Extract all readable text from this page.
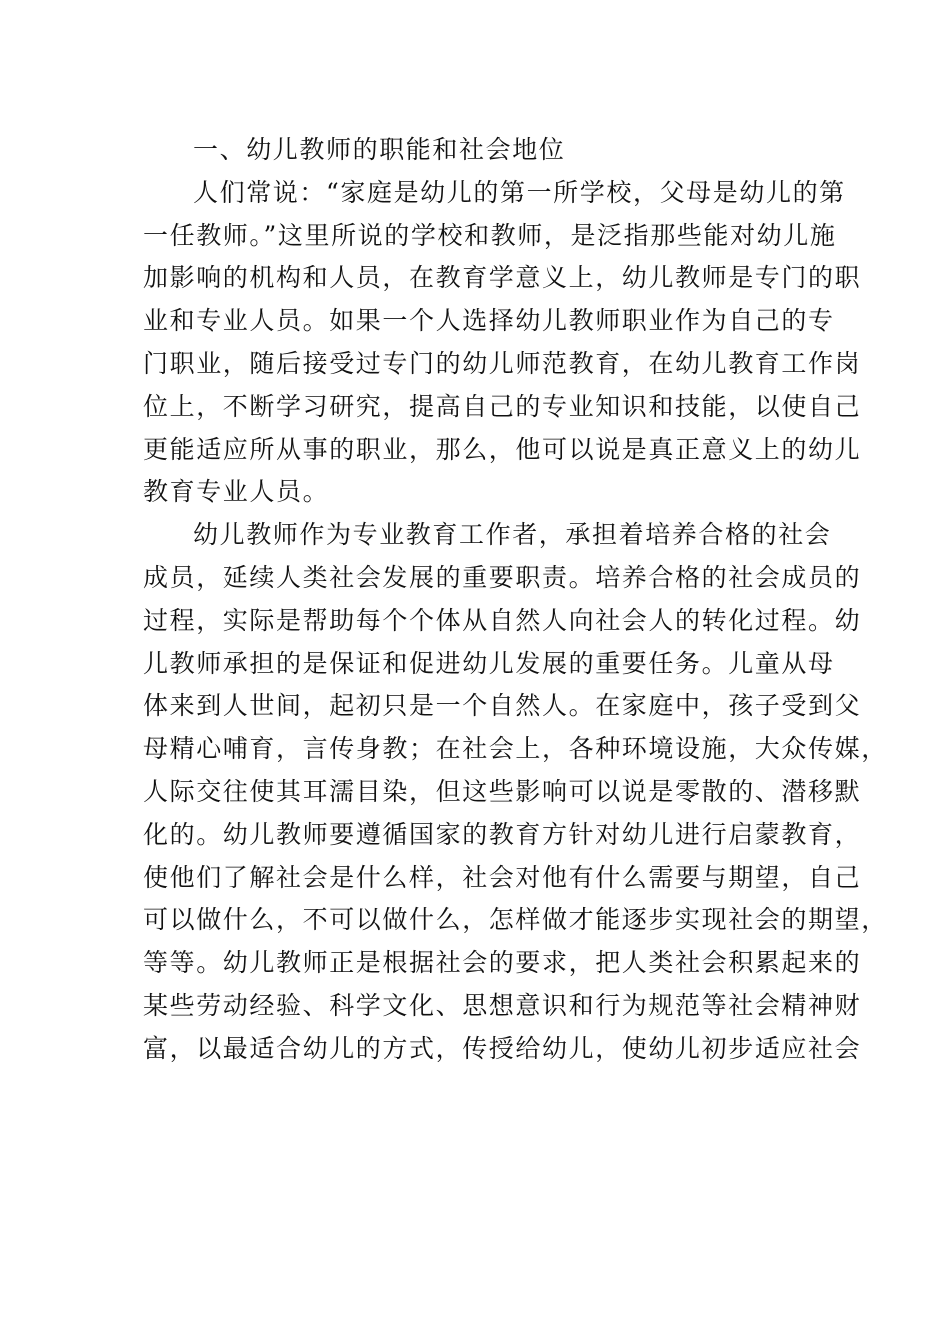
一、幼儿教师的职能和社会地位
人们常说：“家庭是幼儿的第一所学校，父母是幼儿的第
一任教师。”这里所说的学校和教师，是泛指那些能对幼儿施
加影响的机构和人员，在教育学意义上，幼儿教师是专门的职
业和专业人员。如果一个人选择幼儿教师职业作为自己的专
门职业，随后接受过专门的幼儿师范教育，在幼儿教育工作岗
位上，不断学习研究，提高自己的专业知识和技能，以使自己
更能适应所从事的职业，那么，他可以说是真正意义上的幼儿
教育专业人员。
幼儿教师作为专业教育工作者，承担着培养合格的社会
成员，延续人类社会发展的重要职责。培养合格的社会成员的
过程，实际是帮助每个个体从自然人向社会人的转化过程。幼
儿教师承担的是保证和促进幼儿发展的重要任务。儿童从母
体来到人世间，起初只是一个自然人。在家庭中，孩子受到父
母精心哺育，言传身教；在社会上，各种环境设施，大众传媒，
人际交往使其耳濡目染，但这些影响可以说是零散的、潜移默
化的。幼儿教师要遵循国家的教育方针对幼儿进行启蒙教育，
使他们了解社会是什么样，社会对他有什么需要与期望，自己
可以做什么，不可以做什么，怎样做才能逐步实现社会的期望，
等等。幼儿教师正是根据社会的要求，把人类社会积累起来的
某些劳动经验、科学文化、思想意识和行为规范等社会精神财
富，以最适合幼儿的方式，传授给幼儿，使幼儿初步适应社会
